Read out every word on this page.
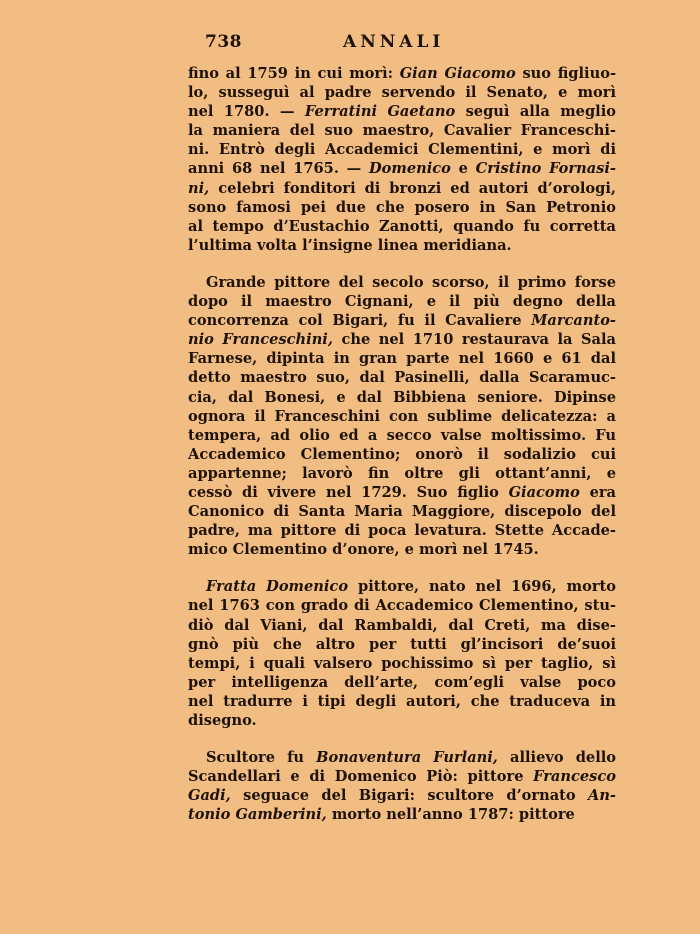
738	ANNALI
fino al 1759 in cui morì: Gian Giacomo suo figliuo-
lo, susseguì al padre servendo il Senato, e morì
nel 1780. — Ferratini Gaetano seguì alla meglio
la maniera del suo maestro, Cavalier Franceschi-
ni. Entrò degli Accademici Clementini, e morì di
anni 68 nel 1765. — Domenico e Cristino Fornasi-
ni, celebri fonditori di bronzi ed autori d’orologi,
sono famosi pei due che posero in San Petronio
al tempo d’Eustachio Zanotti, quando fu corretta
l’ultima volta l’insigne linea meridiana.
Grande pittore del secolo scorso, il primo forse
dopo il maestro Cignani, e il più degno della
concorrenza col Bigari, fu il Cavaliere Marcanto-
nio Franceschini, che nel 1710 restaurava la Sala
Farnese, dipinta in gran parte nel 1660 e 61 dal
detto maestro suo, dal Pasinelli, dalla Scaramuc-
cia, dal Bonesi, e dal Bibbiena seniore. Dipinse
ognora il Franceschini con sublime delicatezza: a
tempera, ad olio ed a secco valse moltissimo. Fu
Accademico Clementino; onorò il sodalizio cui
appartenne; lavorò fin oltre gli ottant’anni, e
cessò di vivere nel 1729. Suo figlio Giacomo era
Canonico di Santa Maria Maggiore, discepolo del
padre, ma pittore di poca levatura. Stette Accade-
mico Clementino d’onore, e morì nel 1745.
Fratta Domenico pittore, nato nel 1696, morto
nel 1763 con grado di Accademico Clementino, stu-
diò dal Viani, dal Rambaldi, dal Creti, ma dise-
gnò più che altro per tutti gl’incisori de’suoi
tempi, i quali valsero pochissimo sì per taglio, sì
per intelligenza dell’arte, com’egli valse poco
nel tradurre i tipi degli autori, che traduceva in
disegno.
Scultore fu Bonaventura Furlani, allievo dello
Scandellari e di Domenico Piò: pittore Francesco
Gadi, seguace del Bigari: scultore d’ornato An-
tonio Gamberini, morto nell’anno 1787: pittore
